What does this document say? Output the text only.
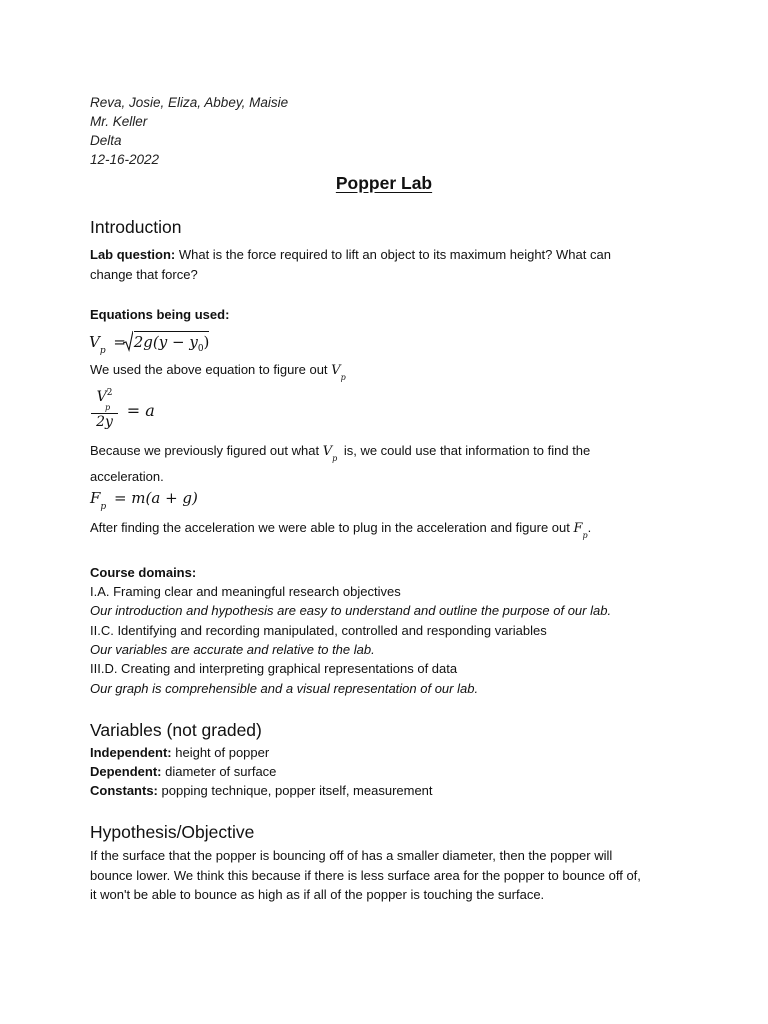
Reva, Josie, Eliza, Abbey, Maisie
Mr. Keller
Delta
12-16-2022
Popper Lab
Introduction
Lab question: What is the force required to lift an object to its maximum height? What can
change that force?
Equations being used:
$V_p = 2g(y - y_0)$
We used the above equation to figure out $V_p$
$V^2$
p
2y = a
Because we previously figured out what $V_p$ is, we could use that information to find the
acceleration.
$F_p = m(a + g)$
After finding the acceleration we were able to plug in the acceleration and figure out $F_p$.
Course domains:
I.A. Framing clear and meaningful research objectives
Our introduction and hypothesis are easy to understand and outline the purpose of our lab.
II.C. Identifying and recording manipulated, controlled and responding variables
Our variables are accurate and relative to the lab.
III.D. Creating and interpreting graphical representations of data
Our graph is comprehensible and a visual representation of our lab.
Variables (not graded)
Independent: height of popper
Dependent: diameter of surface
Constants: popping technique, popper itself, measurement
Hypothesis/Objective
If the surface that the popper is bouncing off of has a smaller diameter, then the popper will
bounce lower. We think this because if there is less surface area for the popper to bounce off of,
it won't be able to bounce as high as if all of the popper is touching the surface.
